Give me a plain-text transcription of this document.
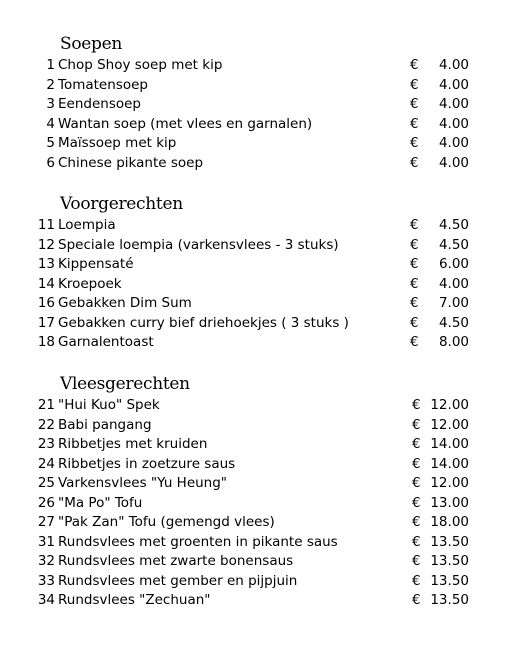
Soepen
1 Chop Shoy soep met kip	€ 4.00
2 Tomatensoep	€ 4.00
3 Eendensoep	€ 4.00
4 Wantan soep (met vlees en garnalen)	€ 4.00
5 Maïssoep met kip	€ 4.00
6 Chinese pikante soep	€ 4.00
Voorgerechten
11 Loempia	€ 4.50
12 Speciale loempia (varkensvlees - 3 stuks)	€ 4.50
13 Kippensaté	€ 6.00
14 Kroepoek	€ 4.00
16 Gebakken Dim Sum	€ 7.00
17 Gebakken curry bief driehoekjes ( 3 stuks )	€ 4.50
18 Garnalentoast	€ 8.00
Vleesgerechten
21 "Hui Kuo" Spek	€ 12.00
22 Babi pangang	€ 12.00
23 Ribbetjes met kruiden	€ 14.00
24 Ribbetjes in zoetzure saus	€ 14.00
25 Varkensvlees "Yu Heung"	€ 12.00
26 "Ma Po" Tofu	€ 13.00
27 "Pak Zan" Tofu (gemengd vlees)	€ 18.00
31 Rundsvlees met groenten in pikante saus	€ 13.50
32 Rundsvlees met zwarte bonensaus	€ 13.50
33 Rundsvlees met gember en pijpjuin	€ 13.50
34 Rundsvlees "Zechuan"	€ 13.50
